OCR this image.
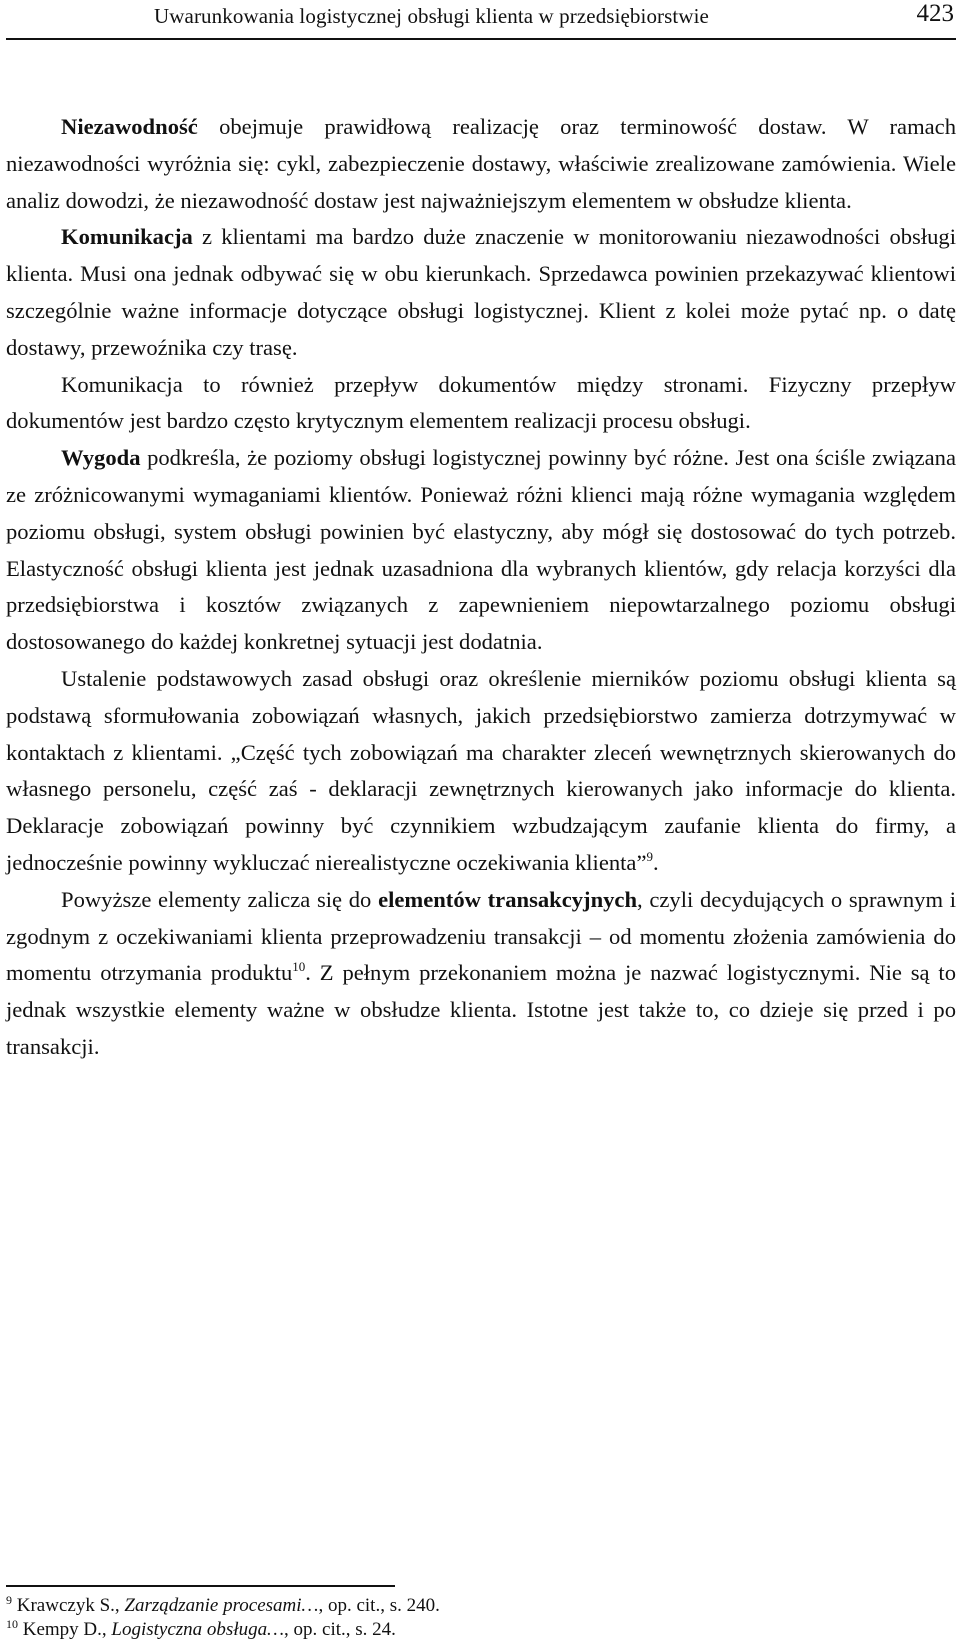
Uwarunkowania logistycznej obsługi klienta w przedsiębiorstwie	423

Niezawodność obejmuje prawidłową realizację oraz terminowość dostaw. W ramach niezawodności wyróżnia się: cykl, zabezpieczenie dostawy, właściwie zrealizowane zamówienia. Wiele analiz dowodzi, że niezawodność dostaw jest najważniejszym elementem w obsłudze klienta.

Komunikacja z klientami ma bardzo duże znaczenie w monitorowaniu niezawodności obsługi klienta. Musi ona jednak odbywać się w obu kierunkach. Sprzedawca powinien przekazywać klientowi szczególnie ważne informacje dotyczące obsługi logistycznej. Klient z kolei może pytać np. o datę dostawy, przewoźnika czy trasę.

Komunikacja to również przepływ dokumentów między stronami. Fizyczny przepływ dokumentów jest bardzo często krytycznym elementem realizacji procesu obsługi.

Wygoda podkreśla, że poziomy obsługi logistycznej powinny być różne. Jest ona ściśle związana ze zróżnicowanymi wymaganiami klientów. Ponieważ różni klienci mają różne wymagania względem poziomu obsługi, system obsługi powinien być elastyczny, aby mógł się dostosować do tych potrzeb. Elastyczność obsługi klienta jest jednak uzasadniona dla wybranych klientów, gdy relacja korzyści dla przedsiębiorstwa i kosztów związanych z zapewnieniem niepowtarzalnego poziomu obsługi dostosowanego do każdej konkretnej sytuacji jest dodatnia.

Ustalenie podstawowych zasad obsługi oraz określenie mierników poziomu obsługi klienta są podstawą sformułowania zobowiązań własnych, jakich przedsiębiorstwo zamierza dotrzymywać w kontaktach z klientami. „Część tych zobowiązań ma charakter zleceń wewnętrznych skierowanych do własnego personelu, część zaś - deklaracji zewnętrznych kierowanych jako informacje do klienta. Deklaracje zobowiązań powinny być czynnikiem wzbudzającym zaufanie klienta do firmy, a jednocześnie powinny wykluczać nierealistyczne oczekiwania klienta”$^9$.

Powyższe elementy zalicza się do elementów transakcyjnych, czyli decydujących o sprawnym i zgodnym z oczekiwaniami klienta przeprowadzeniu transakcji – od momentu złożenia zamówienia do momentu otrzymania produktu$^{10}$. Z pełnym przekonaniem można je nazwać logistycznymi. Nie są to jednak wszystkie elementy ważne w obsłudze klienta. Istotne jest także to, co dzieje się przed i po transakcji.

$^9$ Krawczyk S., Zarządzanie procesami…, op. cit., s. 240.

$^{10}$ Kempy D., Logistyczna obsługa…, op. cit., s. 24.
